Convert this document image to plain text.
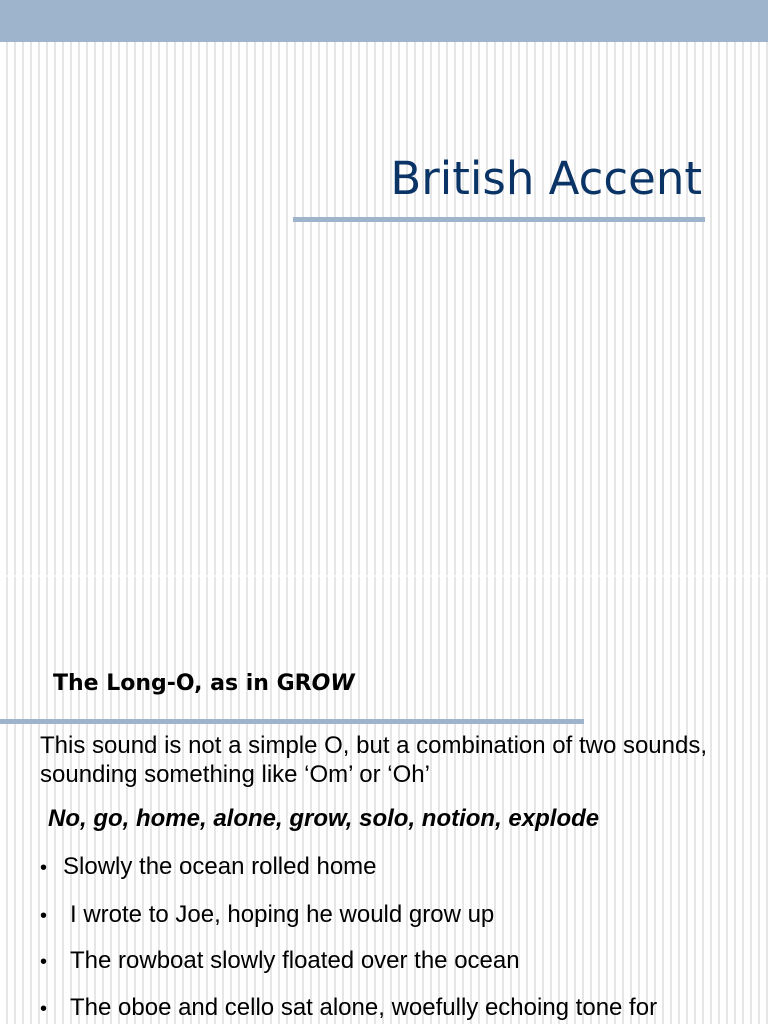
British Accent
The Long-O, as in GROW

This sound is not a simple O, but a combination of two sounds, sounding something like ‘Om’ or ‘Oh’

No, go, home, alone, grow, solo, notion, explode

• Slowly the ocean rolled home
• I wrote to Joe, hoping he would grow up
• The rowboat slowly floated over the ocean
• The oboe and cello sat alone, woefully echoing tone for
